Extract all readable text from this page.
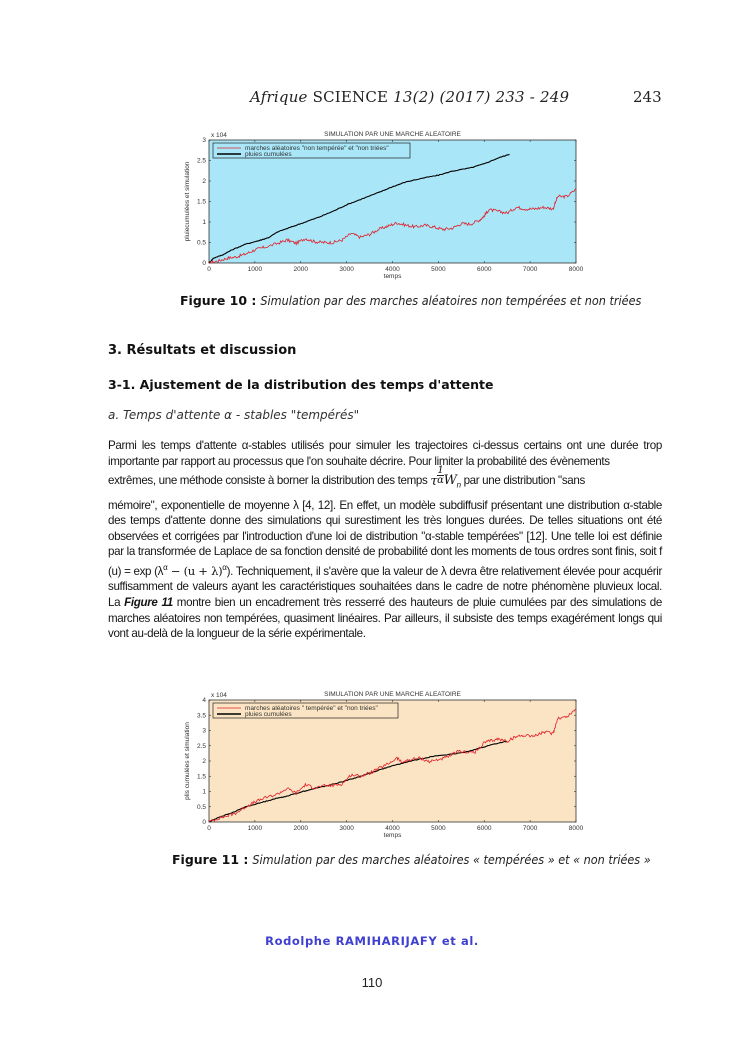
Afrique SCIENCE 13(2) (2017) 233 - 249	243
SIMULATION PAR UNE MARCHE ALEATOIRE
x 104
0	1000	2000	3000	4000	5000	6000	7000	8000
0
0.5
1
1.5
2
2.5
3
temps
pluiecumulées et simulation
marches aléatoires "non tempérée" et "non triées"
pluies cumulées
Figure 10 : Simulation par des marches aléatoires non tempérées et non triées
3. Résultats et discussion
3-1. Ajustement de la distribution des temps d'attente
a. Temps d'attente α - stables "tempérés"
Parmi les temps d'attente α-stables utilisés pour simuler les trajectoires ci-dessus certains ont une durée trop importante par rapport au processus que l'on souhaite décrire. Pour limiter la probabilité des évènements
extrêmes, une méthode consiste à borner la distribution des temps τ $\frac{1}{\alpha} W_n$ par une distribution "sans
mémoire", exponentielle de moyenne λ [4, 12]. En effet, un modèle subdiffusif présentant une distribution α-stable des temps d'attente donne des simulations qui surestiment les très longues durées. De telles situations ont été observées et corrigées par l'introduction d'une loi de distribution "α-stable tempérées" [12]. Une telle loi est définie par la transformée de Laplace de sa fonction densité de probabilité dont les moments de tous ordres sont finis, soit f $(u) = \exp (\lambda^\alpha - (u + \lambda)^\alpha)$. Techniquement, il s'avère que la valeur de λ devra être relativement élevée pour acquérir suffisamment de valeurs ayant les caractéristiques souhaitées dans le cadre de notre phénomène pluvieux local. La Figure 11 montre bien un encadrement très resserré des hauteurs de pluie cumulées par des simulations de marches aléatoires non tempérées, quasiment linéaires. Par ailleurs, il subsiste des temps exagérément longs qui vont au-delà de la longueur de la série expérimentale.
SIMULATION PAR UNE MARCHE ALEATOIRE
x 104
0	1000	2000	3000	4000	5000	6000	7000	8000
0
0.5
1
1.5
2
2.5
3
3.5
4
temps
plis cumulées et simulation
marches aléatoires " tempérée" et "non triées"
pluies cumulées
Figure 11 : Simulation par des marches aléatoires « tempérées » et « non triées »
Rodolphe RAMIHARIJAFY et al.
110
